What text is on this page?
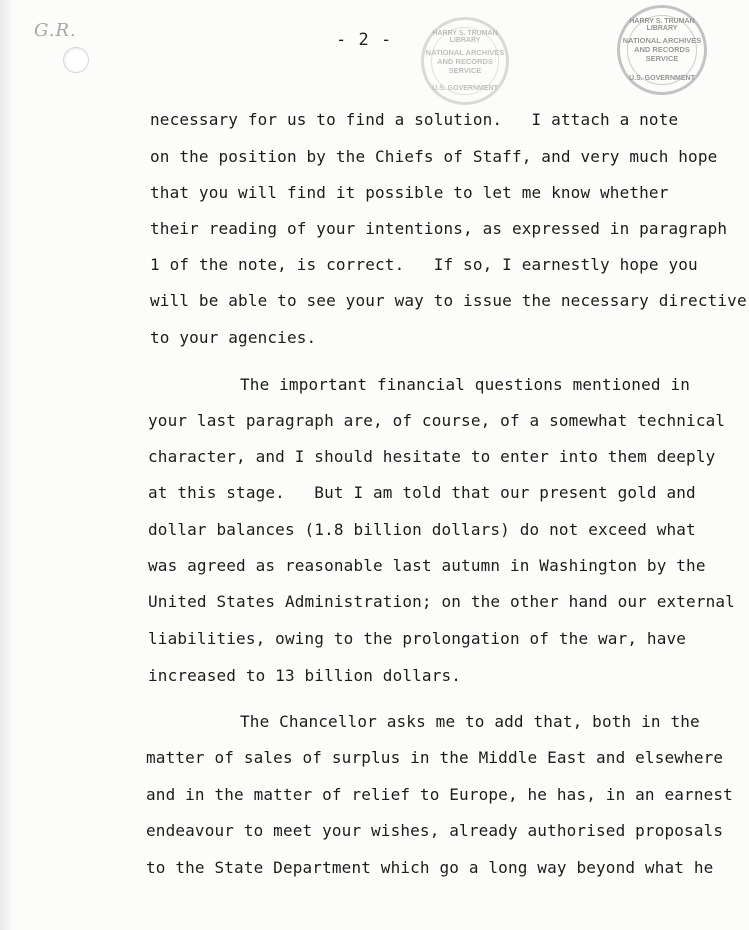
G.R.	- 2 -	HARRY S. TRUMAN LIBRARY
NATIONAL ARCHIVES AND RECORDS SERVICE
U.S. GOVERNMENT
HARRY S. TRUMAN LIBRARY
NATIONAL ARCHIVES AND RECORDS SERVICE
U.S. GOVERNMENT
necessary for us to find a solution.   I attach a note
on the position by the Chiefs of Staff, and very much hope
that you will find it possible to let me know whether
their reading of your intentions, as expressed in paragraph
1 of the note, is correct.   If so, I earnestly hope you
will be able to see your way to issue the necessary directive
to your agencies.
The important financial questions mentioned in
your last paragraph are, of course, of a somewhat technical
character, and I should hesitate to enter into them deeply
at this stage.   But I am told that our present gold and
dollar balances (1.8 billion dollars) do not exceed what
was agreed as reasonable last autumn in Washington by the
United States Administration; on the other hand our external
liabilities, owing to the prolongation of the war, have
increased to 13 billion dollars.
The Chancellor asks me to add that, both in the
matter of sales of surplus in the Middle East and elsewhere
and in the matter of relief to Europe, he has, in an earnest
endeavour to meet your wishes, already authorised proposals
to the State Department which go a long way beyond what he
